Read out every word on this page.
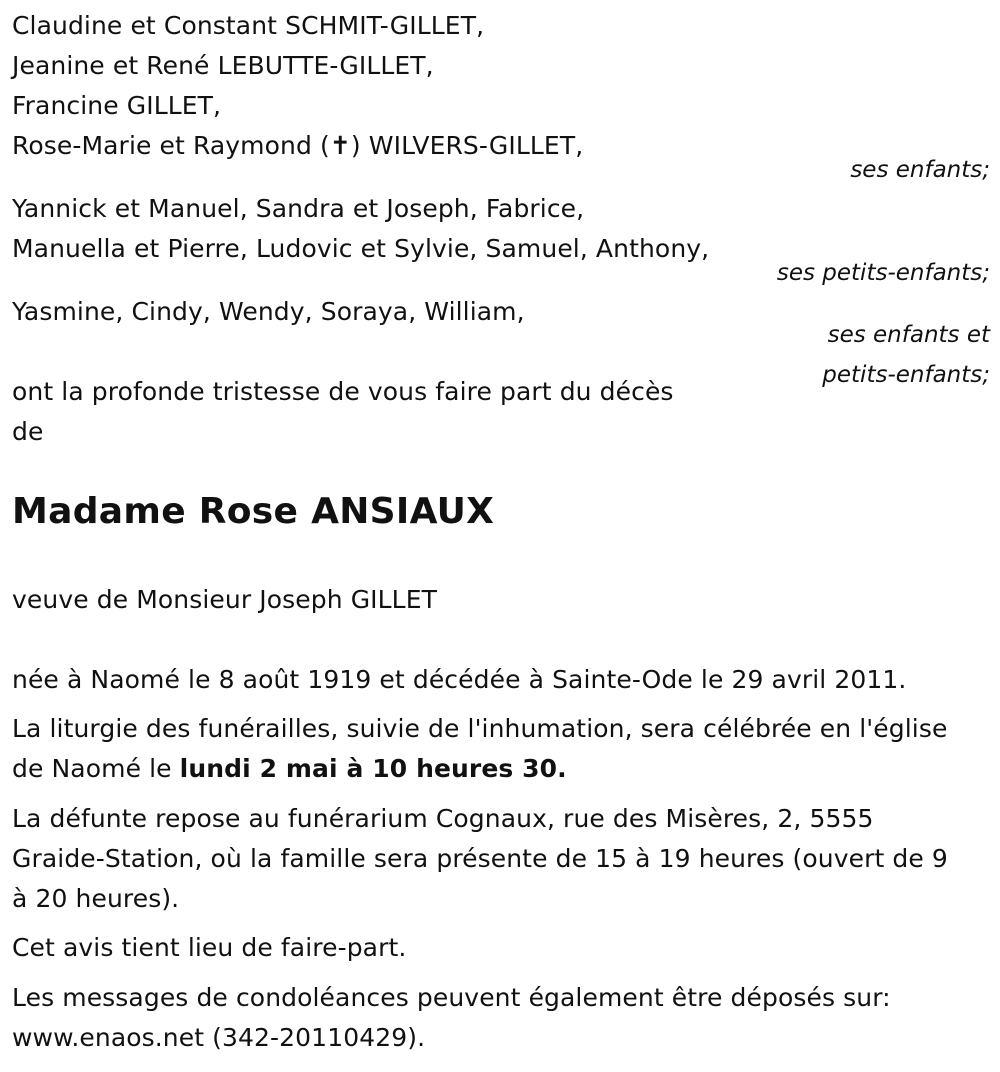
Claudine et Constant SCHMIT-GILLET,
Jeanine et René LEBUTTE-GILLET,
Francine GILLET,
Rose-Marie et Raymond (✝) WILVERS-GILLET,
ses enfants;
Yannick et Manuel, Sandra et Joseph, Fabrice,
Manuella et Pierre, Ludovic et Sylvie, Samuel, Anthony,
ses petits-enfants;
Yasmine, Cindy, Wendy, Soraya, William,
ses enfants et
petits-enfants;
ont la profonde tristesse de vous faire part du décès
de
Madame Rose ANSIAUX
veuve de Monsieur Joseph GILLET
née à Naomé le 8 août 1919 et décédée à Sainte-Ode le 29 avril 2011.
La liturgie des funérailles, suivie de l'inhumation, sera célébrée en l'église
de Naomé le lundi 2 mai à 10 heures 30.
La défunte repose au funérarium Cognaux, rue des Misères, 2, 5555
Graide-Station, où la famille sera présente de 15 à 19 heures (ouvert de 9
à 20 heures).
Cet avis tient lieu de faire-part.
Les messages de condoléances peuvent également être déposés sur:
www.enaos.net (342-20110429).
